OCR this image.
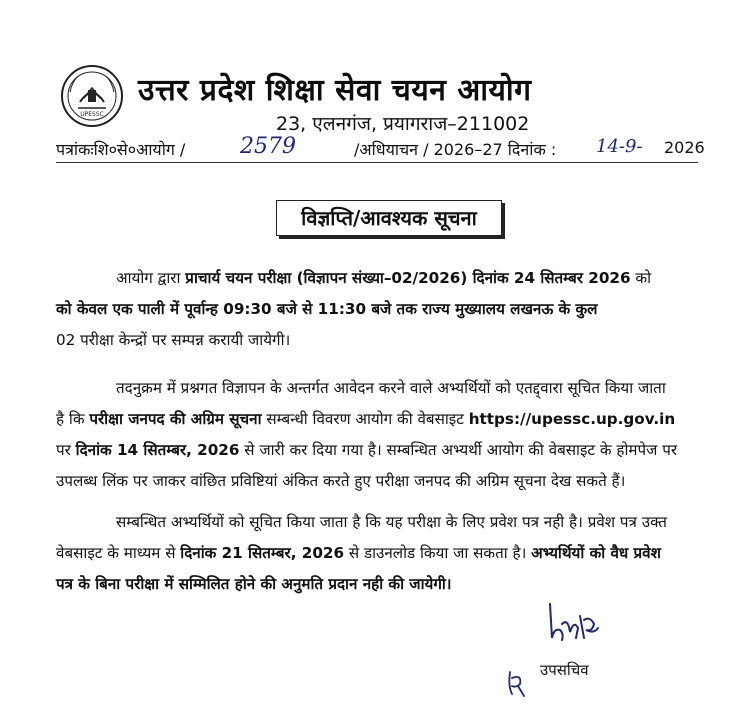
UPESSC
उत्तर प्रदेश शिक्षा सेवा चयन आयोग
23, एलनगंज, प्रयागराज–211002
पत्रांकःशि०से०आयोग / 2579	/अधियाचन / 2026–27 दिनांक : 14-9- 2026
विज्ञप्ति/आवश्यक सूचना
आयोग द्वारा प्राचार्य चयन परीक्षा (विज्ञापन संख्या–02/2026) दिनांक 24 सितम्बर 2026 को
को केवल एक पाली में पूर्वान्ह 09:30 बजे से 11:30 बजे तक राज्य मुख्यालय लखनऊ के कुल
02 परीक्षा केन्द्रों पर सम्पन्न करायी जायेगी।
तदनुक्रम में प्रश्नगत विज्ञापन के अन्तर्गत आवेदन करने वाले अभ्यर्थियों को एतद्द्वारा सूचित किया जाता
है कि परीक्षा जनपद की अग्रिम सूचना सम्बन्धी विवरण आयोग की वेबसाइट https://upessc.up.gov.in
पर दिनांक 14 सितम्बर, 2026 से जारी कर दिया गया है। सम्बन्धित अभ्यर्थी आयोग की वेबसाइट के होमपेज पर
उपलब्ध लिंक पर जाकर वांछित प्रविष्टियां अंकित करते हुए परीक्षा जनपद की अग्रिम सूचना देख सकते हैं।
सम्बन्धित अभ्यर्थियों को सूचित किया जाता है कि यह परीक्षा के लिए प्रवेश पत्र नही है। प्रवेश पत्र उक्त
वेबसाइट के माध्यम से दिनांक 21 सितम्बर, 2026 से डाउनलोड किया जा सकता है। अभ्यर्थियों को वैध प्रवेश
पत्र के बिना परीक्षा में सम्मिलित होने की अनुमति प्रदान नही की जायेगी।
उपसचिव
